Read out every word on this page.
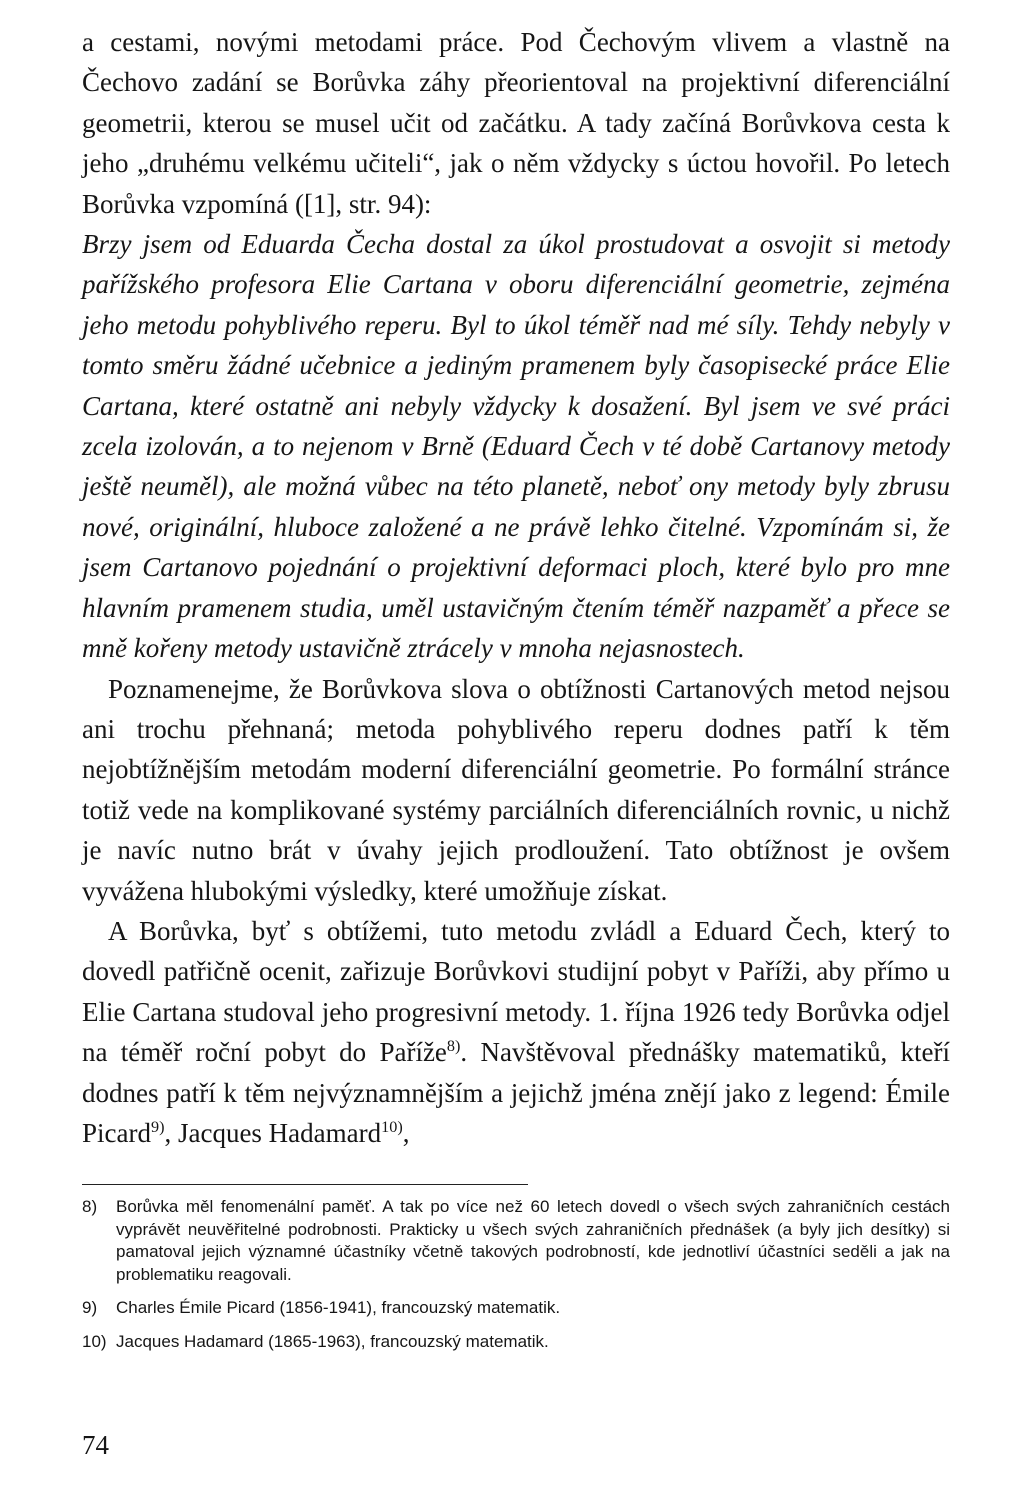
a cestami, novými metodami práce. Pod Čechovým vlivem a vlastně na Čechovo zadání se Borůvka záhy přeorientoval na projektivní diferenciální geometrii, kterou se musel učit od začátku. A tady začíná Borůvkova cesta k jeho „druhému velkému učiteli“, jak o něm vždycky s úctou hovořil. Po letech Borůvka vzpomíná ([1], str. 94):

Brzy jsem od Eduarda Čecha dostal za úkol prostudovat a osvojit si metody pařížského profesora Elie Cartana v oboru diferenciální geometrie, zejména jeho metodu pohyblivého reperu. Byl to úkol téměř nad mé síly. Tehdy nebyly v tomto směru žádné učebnice a jediným pramenem byly časopisecké práce Elie Cartana, které ostatně ani nebyly vždycky k dosažení. Byl jsem ve své práci zcela izolován, a to nejenom v Brně (Eduard Čech v té době Cartanovy metody ještě neuměl), ale možná vůbec na této planetě, neboť ony metody byly zbrusu nové, originální, hluboce založené a ne právě lehko čitelné. Vzpomínám si, že jsem Cartanovo pojednání o projektivní deformaci ploch, které bylo pro mne hlavním pramenem studia, uměl ustavičným čtením téměř nazpaměť a přece se mně kořeny metody ustavičně ztrácely v mnoha nejasnostech.

Poznamenejme, že Borůvkova slova o obtížnosti Cartanových metod nejsou ani trochu přehnaná; metoda pohyblivého reperu dodnes patří k těm nejobtížnějším metodám moderní diferenciální geometrie. Po formální stránce totiž vede na komplikované systémy parciálních diferenciálních rovnic, u nichž je navíc nutno brát v úvahy jejich prodloužení. Tato obtížnost je ovšem vyvážena hlubokými výsledky, které umožňuje získat.

A Borůvka, byť s obtížemi, tuto metodu zvládl a Eduard Čech, který to dovedl patřičně ocenit, zařizuje Borůvkovi studijní pobyt v Paříži, aby přímo u Elie Cartana studoval jeho progresivní metody. 1. října 1926 tedy Borůvka odjel na téměř roční pobyt do Paříže$^{8)}$. Navštěvoval přednášky matematiků, kteří dodnes patří k těm nejvýznamnějším a jejichž jména znějí jako z legend: Émile Picard$^{9)}$, Jacques Hadamard$^{10)}$,

8)	Borůvka měl fenomenální paměť. A tak po více než 60 letech dovedl o všech svých zahraničních cestách vyprávět neuvěřitelné podrobnosti. Prakticky u všech svých zahraničních přednášek (a byly jich desítky) si pamatoval jejich významné účastníky včetně takových podrobností, kde jednotliví účastníci seděli a jak na problematiku reagovali.
9)	Charles Émile Picard (1856-1941), francouzský matematik.
10) Jacques Hadamard (1865-1963), francouzský matematik.
74
